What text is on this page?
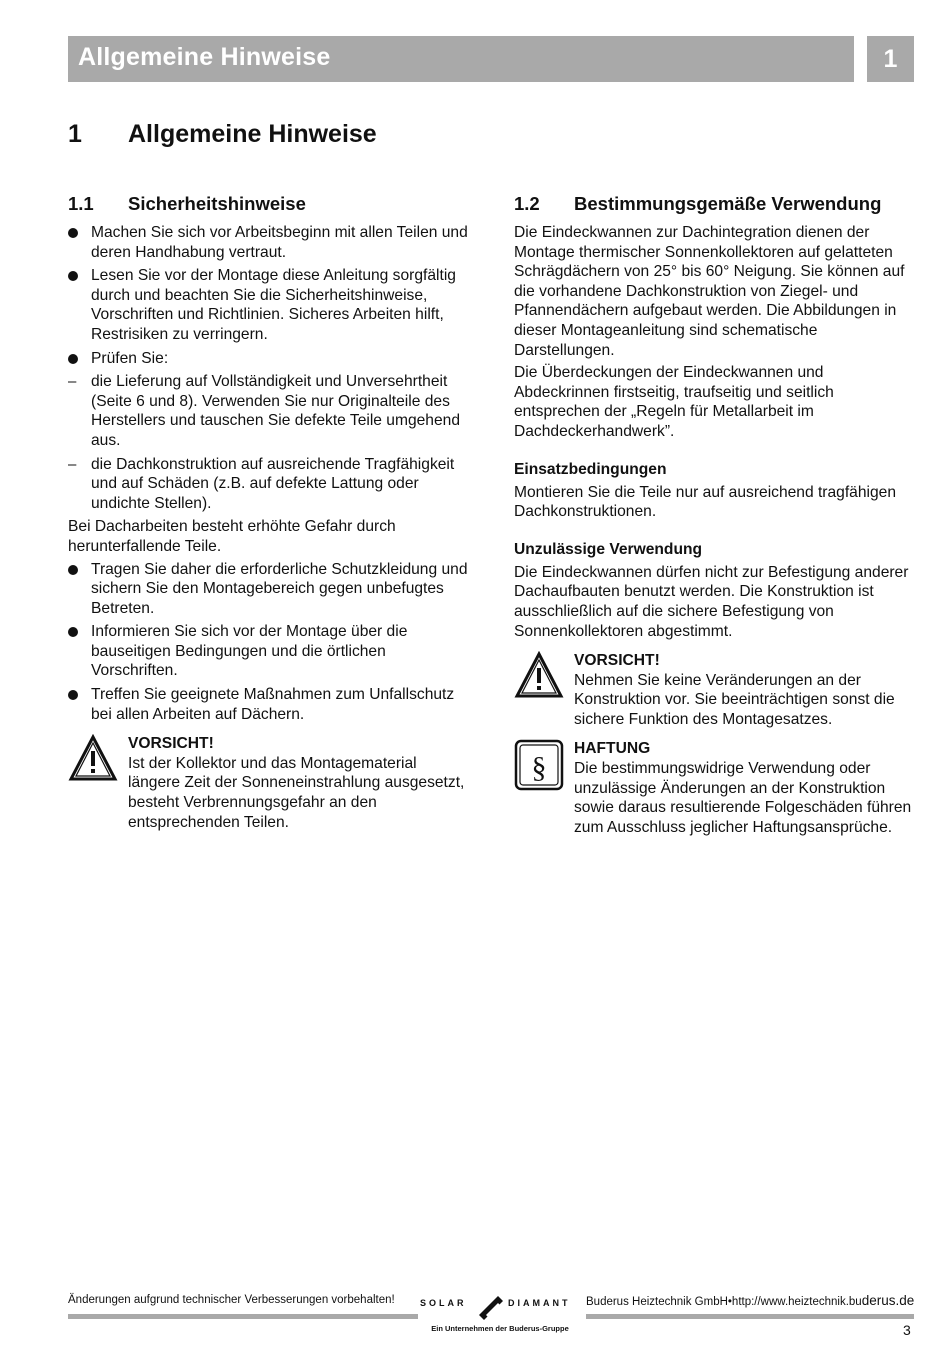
Allgemeine Hinweise	1
1 Allgemeine Hinweise
1.1 Sicherheitshinweise
Machen Sie sich vor Arbeitsbeginn mit allen Teilen und deren Handhabung vertraut.
Lesen Sie vor der Montage diese Anleitung sorgfältig durch und beachten Sie die Sicherheitshinweise, Vorschriften und Richtlinien. Sicheres Arbeiten hilft, Restrisiken zu verringern.
Prüfen Sie:
– die Lieferung auf Vollständigkeit und Unversehrtheit (Seite 6 und 8). Verwenden Sie nur Originalteile des Herstellers und tauschen Sie defekte Teile umgehend aus.
– die Dachkonstruktion auf ausreichende Tragfähigkeit und auf Schäden (z.B. auf defekte Lattung oder undichte Stellen).

Bei Dacharbeiten besteht erhöhte Gefahr durch herunterfallende Teile.

Tragen Sie daher die erforderliche Schutzkleidung und sichern Sie den Montagebereich gegen unbefugtes Betreten.
Informieren Sie sich vor der Montage über die bauseitigen Bedingungen und die örtlichen Vorschriften.
Treffen Sie geeignete Maßnahmen zum Unfallschutz bei allen Arbeiten auf Dächern.
VORSICHT!
Ist der Kollektor und das Montagematerial längere Zeit der Sonneneinstrahlung ausgesetzt, besteht Verbrennungsgefahr an den entsprechenden Teilen.
1.2 Bestimmungsgemäße Verwendung

Die Eindeckwannen zur Dachintegration dienen der Montage thermischer Sonnenkollektoren auf gelatteten Schrägdächern von 25° bis 60° Neigung. Sie können auf die vorhandene Dachkonstruktion von Ziegel- und Pfannendächern aufgebaut werden. Die Abbildungen in dieser Montageanleitung sind schematische Darstellungen.

Die Überdeckungen der Eindeckwannen und Abdeckrinnen firstseitig, traufseitig und seitlich entsprechen der „Regeln für Metallarbeit im Dachdeckerhandwerk”.

Einsatzbedingungen

Montieren Sie die Teile nur auf ausreichend tragfähigen Dachkonstruktionen.

Unzulässige Verwendung

Die Eindeckwannen dürfen nicht zur Befestigung anderer Dachaufbauten benutzt werden. Die Konstruktion ist ausschließlich auf die sichere Befestigung von Sonnenkollektoren abgestimmt.

VORSICHT!
Nehmen Sie keine Veränderungen an der Konstruktion vor. Sie beeinträchtigen sonst die sichere Funktion des Montagesatzes.
§
HAFTUNG
Die bestimmungswidrige Verwendung oder unzulässige Änderungen an der Konstruktion sowie daraus resultierende Folgeschäden führen zum Ausschluss jeglicher Haftungsansprüche.
Änderungen aufgrund technischer Verbesserungen vorbehalten!	SOLAR	DIAMANT
Ein Unternehmen der Buderus-Gruppe
Buderus Heiztechnik GmbH•http://www.heiztechnik.buderus.de
3
